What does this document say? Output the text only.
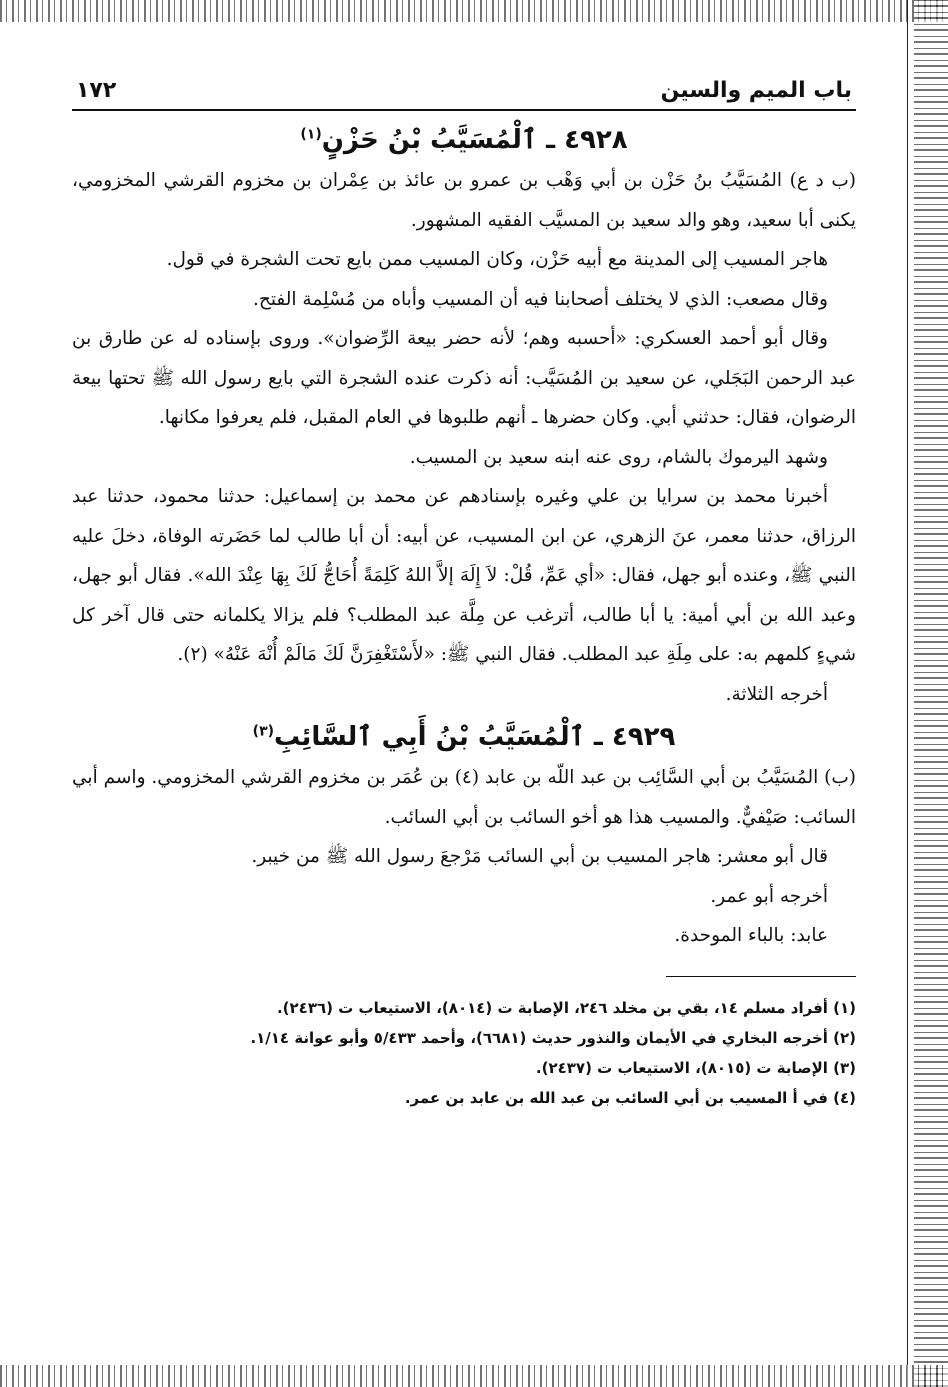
باب الميم والسين
١٧٢
٤٩٢٨ ـ ٱلْمُسَيَّبُ بْنُ حَزْنٍ$^{(١)}$

(ب د ع) المُسَيَّبُ بنُ حَزْن بن أبي وَهْب بن عمرو بن عائذ بن عِمْران بن مخزوم القرشي المخزومي، يكنى أبا سعيد، وهو والد سعيد بن المسيَّب الفقيه المشهور.

هاجر المسيب إلى المدينة مع أبيه حَزْن، وكان المسيب ممن بايع تحت الشجرة في قول.

وقال مصعب: الذي لا يختلف أصحابنا فيه أن المسيب وأباه من مُسْلِمة الفتح.

وقال أبو أحمد العسكري: «أحسبه وهم؛ لأنه حضر بيعة الرِّضوان». وروى بإسناده له عن طارق بن عبد الرحمن البَجَلي، عن سعيد بن المُسَيَّب: أنه ذكرت عنده الشجرة التي بايع رسول الله ﷺ تحتها بيعة الرضوان، فقال: حدثني أبي. وكان حضرها ـ أنهم طلبوها في العام المقبل، فلم يعرفوا مكانها.

وشهد اليرموك بالشام، روى عنه ابنه سعيد بن المسيب.

أخبرنا محمد بن سرايا بن علي وغيره بإسنادهم عن محمد بن إسماعيل: حدثنا محمود، حدثنا عبد الرزاق، حدثنا معمر، عنَ الزهري، عن ابن المسيب، عن أبيه: أن أبا طالب لما حَضَرته الوفاة، دخلَ عليه النبي ﷺ، وعنده أبو جهل، فقال: «أي عَمِّ، قُلْ: لاَ إِلَهَ إلاَّ اللهُ كَلِمَةً أُحَاجُّ لَكَ بِهَا عِنْدَ الله». فقال أبو جهل، وعبد الله بن أبي أمية: يا أبا طالب، أترغب عن مِلَّة عبد المطلب؟ فلم يزالا يكلمانه حتى قال آخر كل شيءٍ كلمهم به: على مِلَةِ عبد المطلب. فقال النبي ﷺ: «لأَسْتَغْفِرَنَّ لَكَ مَالَمْ أُنْهَ عَنْهُ» (٢).

أخرجه الثلاثة.

٤٩٢٩ ـ ٱلْمُسَيَّبُ بْنُ أَبِي ٱلسَّائِبِ$^{(٣)}$

(ب) المُسَيَّبُ بن أبي السَّائِب بن عبد اللّه بن عابد (٤) بن عُمَر بن مخزوم القرشي المخزومي. واسم أبي السائب: صَيْفيٌّ. والمسيب هذا هو أخو السائب بن أبي السائب.

قال أبو معشر: هاجر المسيب بن أبي السائب مَرْجعَ رسول الله ﷺ من خيبر.

أخرجه أبو عمر.

عابد: بالباء الموحدة.

(١) أفراد مسلم ١٤، بقي بن مخلد ٢٤٦، الإصابة ت (٨٠١٤)، الاستيعاب ت (٢٤٣٦).

(٢) أخرجه البخاري في الأيمان والنذور حديث (٦٦٨١)، وأحمد ٥/٤٣٣ وأبو عوانة ١/١٤.

(٣) الإصابة ت (٨٠١٥)، الاستيعاب ت (٢٤٣٧).

(٤) في أ المسيب بن أبي السائب بن عبد الله بن عابد بن عمر.
